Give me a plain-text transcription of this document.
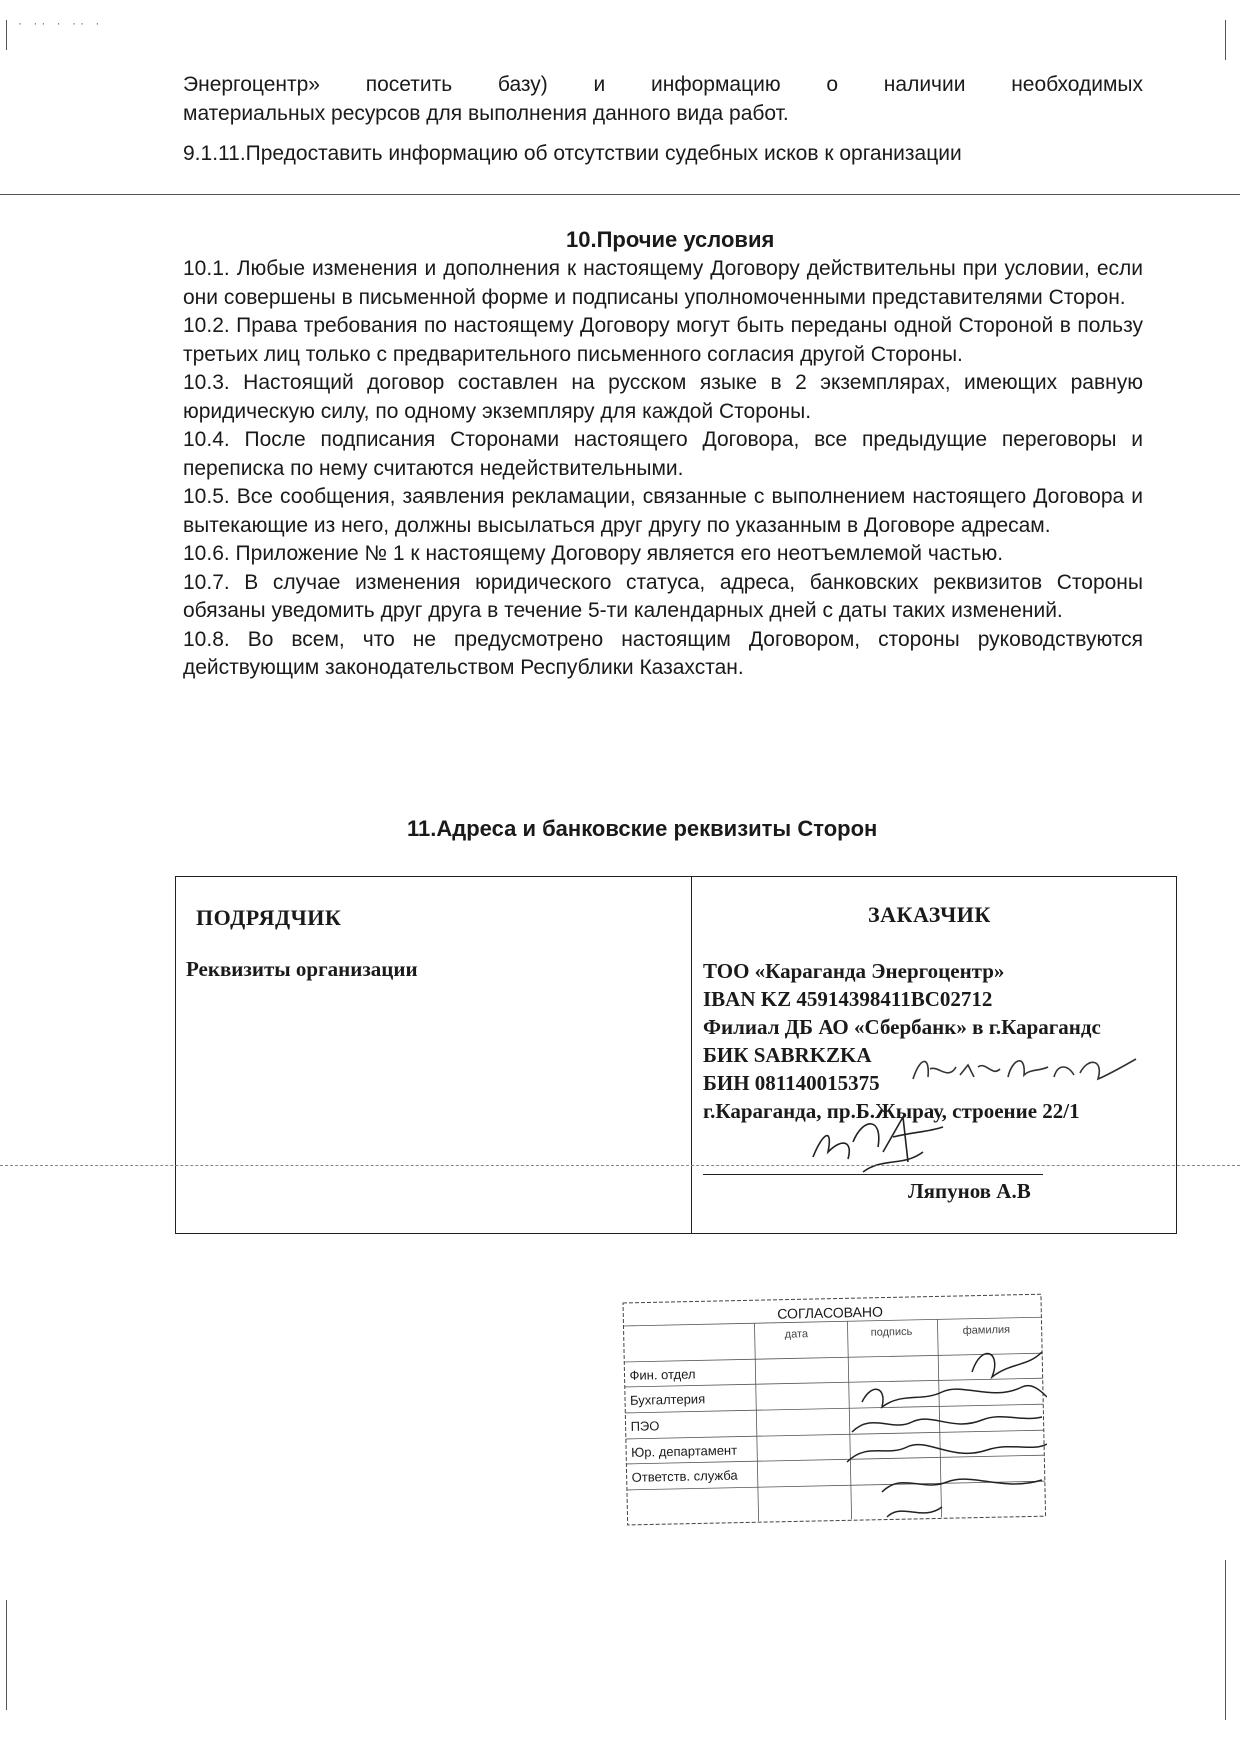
· ·· · ·· ·
Энергоцентр» посетить базу) и информацию о наличии необходимых
материальных ресурсов для выполнения данного вида работ.
9.1.11.Предоставить информацию об отсутствии судебных исков к организации
10.Прочие условия

10.1. Любые изменения и дополнения к настоящему Договору действительны при условии, если они совершены в письменной форме и подписаны уполномоченными представителями Сторон.

10.2. Права требования по настоящему Договору могут быть переданы одной Стороной в пользу третьих лиц только с предварительного письменного согласия другой Стороны.

10.3. Настоящий договор составлен на русском языке в 2 экземплярах, имеющих равную юридическую силу, по одному экземпляру для каждой Стороны.

10.4. После подписания Сторонами настоящего Договора, все предыдущие переговоры и переписка по нему считаются недействительными.

10.5. Все сообщения, заявления рекламации, связанные с выполнением настоящего Договора и вытекающие из него, должны высылаться друг другу по указанным в Договоре адресам.

10.6. Приложение № 1 к настоящему Договору является его неотъемлемой частью.

10.7. В случае изменения юридического статуса, адреса, банковских реквизитов Стороны обязаны уведомить друг друга в течение 5-ти календарных дней с даты таких изменений.

10.8. Во всем, что не предусмотрено настоящим Договором, стороны руководствуются действующим законодательством Республики Казахстан.

11.Адреса и банковские реквизиты Сторон
ПОДРЯДЧИК
Реквизиты организации
ЗАКАЗЧИК
ТОО «Караганда Энергоцентр»
IBAN KZ 45914398411BC02712
Филиал ДБ АО «Сбербанк» в г.Карагандс
БИК SABRKZKA
БИН 081140015375
г.Караганда, пр.Б.Жырау, строение 22/1
Ляпунов А.В
СОГЛАСОВАНО
дата	подпись	фамилия
Фин. отдел
Бухгалтерия
ПЭО
Юр. департамент
Ответств. служба
